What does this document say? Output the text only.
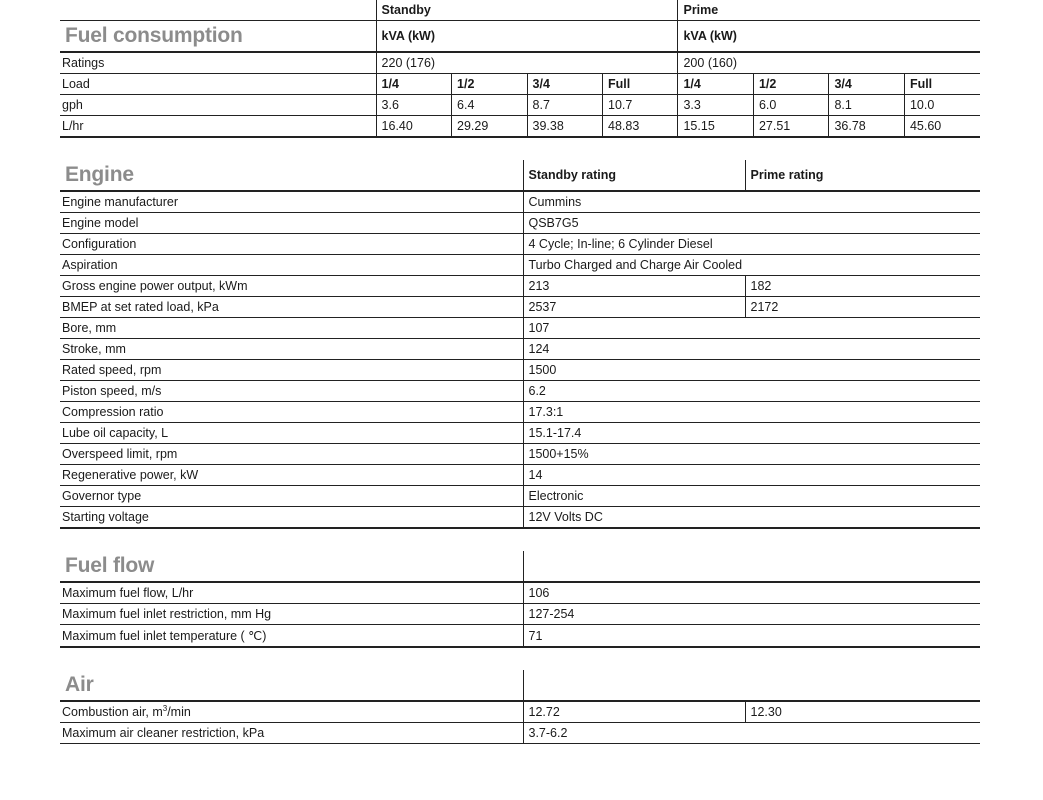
	Standby				Prime			
Fuel consumption	kVA (kW)				kVA (kW)			
Ratings	220 (176)				200 (160)			
Load	1/4	1/2	3/4	Full	1/4	1/2	3/4	Full
gph	3.6	6.4	8.7	10.7	3.3	6.0	8.1	10.0
L/hr	16.40	29.29	39.38	48.83	15.15	27.51	36.78	45.60
Engine	Standby rating	Prime rating
Engine manufacturer	Cummins	
Engine model	QSB7G5	
Configuration	4 Cycle; In-line; 6 Cylinder Diesel	
Aspiration	Turbo Charged and Charge Air Cooled	
Gross engine power output, kWm	213	182
BMEP at set rated load, kPa	2537	2172
Bore, mm	107	
Stroke, mm	124	
Rated speed, rpm	1500	
Piston speed, m/s	6.2	
Compression ratio	17.3:1	
Lube oil capacity, L	15.1-17.4	
Overspeed limit, rpm	1500+15%	
Regenerative power, kW	14	
Governor type	Electronic	
Starting voltage	12V Volts DC	
Fuel flow		
Maximum fuel flow, L/hr	106	
Maximum fuel inlet restriction, mm Hg	127-254	
Maximum fuel inlet temperature ( ℃)	71	
Air		
Combustion air, $m^3/\min$	12.72	12.30
Maximum air cleaner restriction, kPa	3.7-6.2	
